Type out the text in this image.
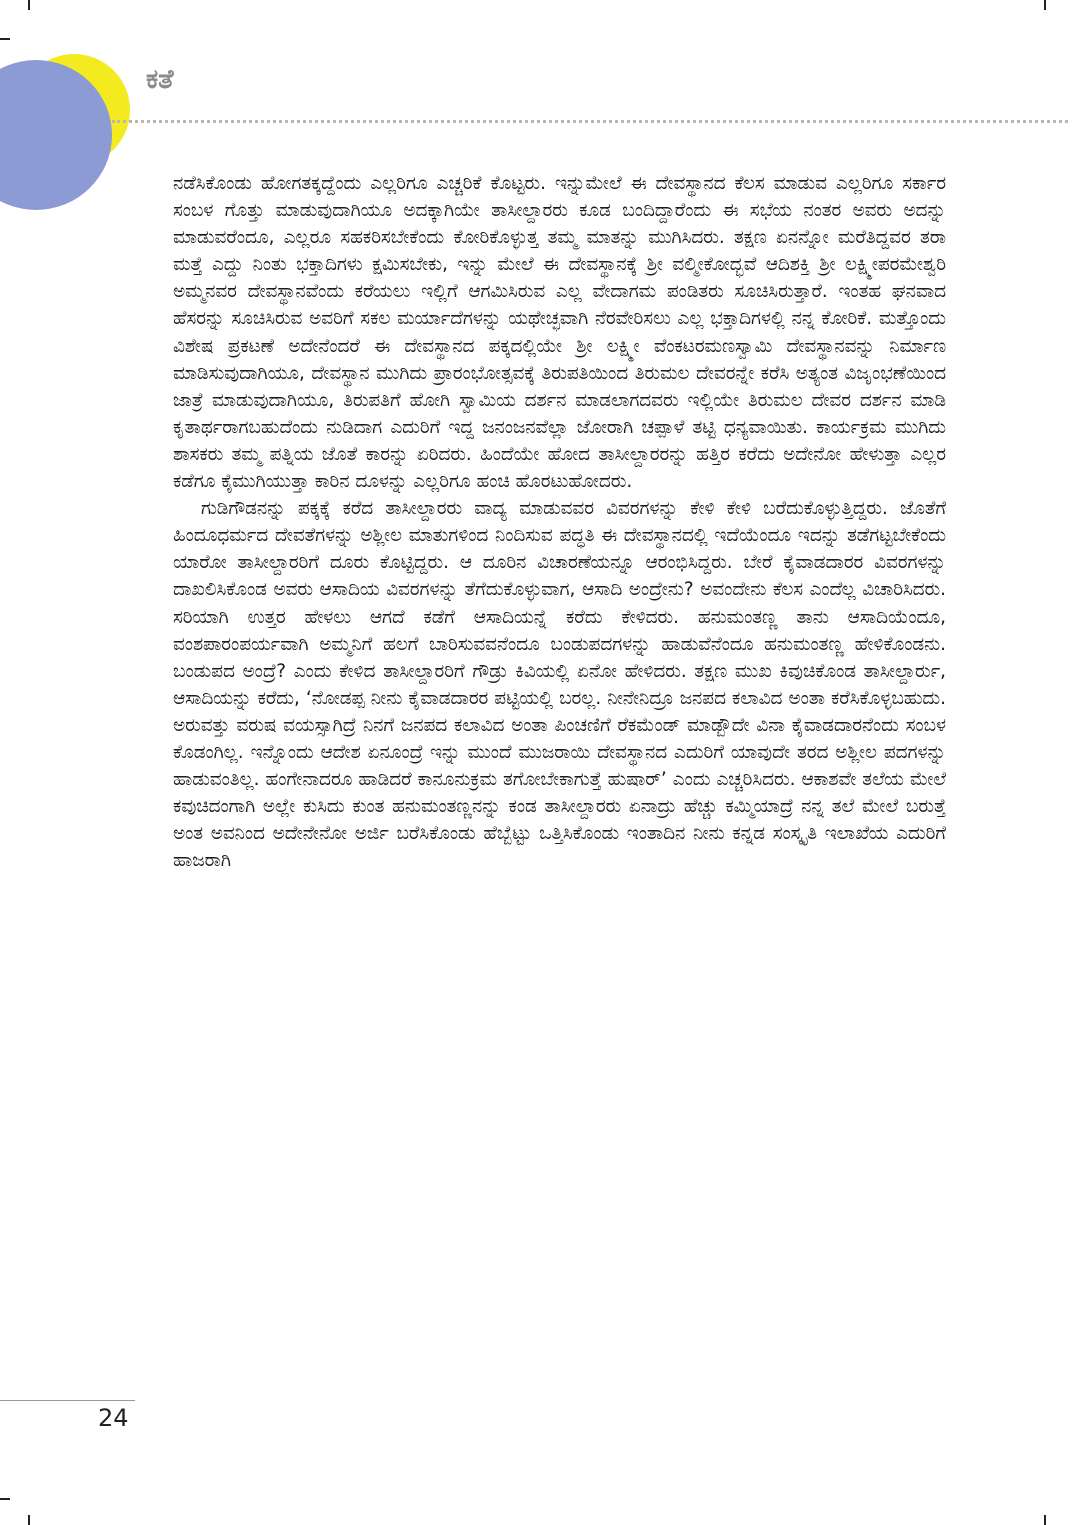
ಕತೆ

ನಡೆಸಿಕೊಂಡು ಹೋಗತಕ್ಕದ್ದೆಂದು ಎಲ್ಲರಿಗೂ ಎಚ್ಚರಿಕೆ ಕೊಟ್ಟರು. ಇನ್ನುಮೇಲೆ ಈ ದೇವಸ್ಥಾನದ ಕೆಲಸ ಮಾಡುವ ಎಲ್ಲರಿಗೂ ಸರ್ಕಾರ ಸಂಬಳ ಗೊತ್ತು ಮಾಡುವುದಾಗಿಯೂ ಅದಕ್ಕಾಗಿಯೇ ತಾಸೀಲ್ದಾರರು ಕೂಡ ಬಂದಿದ್ದಾರೆಂದು ಈ ಸಭೆಯ ನಂತರ ಅವರು ಅದನ್ನು ಮಾಡುವರೆಂದೂ, ಎಲ್ಲರೂ ಸಹಕರಿಸಬೇಕೆಂದು ಕೋರಿಕೊಳ್ಳುತ್ತ ತಮ್ಮ ಮಾತನ್ನು ಮುಗಿಸಿದರು. ತಕ್ಷಣ ಏನನ್ನೋ ಮರೆತಿದ್ದವರ ತರಾ ಮತ್ತೆ ಎದ್ದು ನಿಂತು ಭಕ್ತಾದಿಗಳು ಕ್ಷಮಿಸಬೇಕು, ಇನ್ನು ಮೇಲೆ ಈ ದೇವಸ್ಥಾನಕ್ಕೆ ಶ್ರೀ ವಲ್ಮೀಕೋದ್ಭವೆ ಆದಿಶಕ್ತಿ ಶ್ರೀ ಲಕ್ಷ್ಮೀಪರಮೇಶ್ವರಿ ಅಮ್ಮನವರ ದೇವಸ್ಥಾನವೆಂದು ಕರೆಯಲು ಇಲ್ಲಿಗೆ ಆಗಮಿಸಿರುವ ಎಲ್ಲ ವೇದಾಗಮ ಪಂಡಿತರು ಸೂಚಿಸಿರುತ್ತಾರೆ. ಇಂತಹ ಘನವಾದ ಹೆಸರನ್ನು ಸೂಚಿಸಿರುವ ಅವರಿಗೆ ಸಕಲ ಮರ್ಯಾದೆಗಳನ್ನು ಯಥೇಚ್ಛವಾಗಿ ನೆರವೇರಿಸಲು ಎಲ್ಲ ಭಕ್ತಾದಿಗಳಲ್ಲಿ ನನ್ನ ಕೋರಿಕೆ. ಮತ್ತೊಂದು ವಿಶೇಷ ಪ್ರಕಟಣೆ ಅದೇನೆಂದರೆ ಈ ದೇವಸ್ಥಾನದ ಪಕ್ಕದಲ್ಲಿಯೇ ಶ್ರೀ ಲಕ್ಷ್ಮೀ ವೆಂಕಟರಮಣಸ್ವಾಮಿ ದೇವಸ್ಥಾನವನ್ನು ನಿರ್ಮಾಣ ಮಾಡಿಸುವುದಾಗಿಯೂ, ದೇವಸ್ಥಾನ ಮುಗಿದು ಪ್ರಾರಂಭೋತ್ಸವಕ್ಕೆ ತಿರುಪತಿಯಿಂದ ತಿರುಮಲ ದೇವರನ್ನೇ ಕರೆಸಿ ಅತ್ಯಂತ ವಿಜೃಂಭಣೆಯಿಂದ ಜಾತ್ರೆ ಮಾಡುವುದಾಗಿಯೂ, ತಿರುಪತಿಗೆ ಹೋಗಿ ಸ್ವಾಮಿಯ ದರ್ಶನ ಮಾಡಲಾಗದವರು ಇಲ್ಲಿಯೇ ತಿರುಮಲ ದೇವರ ದರ್ಶನ ಮಾಡಿ ಕೃತಾರ್ಥರಾಗಬಹುದೆಂದು ನುಡಿದಾಗ ಎದುರಿಗೆ ಇದ್ದ ಜನಂಜನವೆಲ್ಲಾ ಜೋರಾಗಿ ಚಪ್ಪಾಳೆ ತಟ್ಟಿ ಧನ್ಯವಾಯಿತು. ಕಾರ್ಯಕ್ರಮ ಮುಗಿದು ಶಾಸಕರು ತಮ್ಮ ಪತ್ನಿಯ ಜೊತೆ ಕಾರನ್ನು ಏರಿದರು. ಹಿಂದೆಯೇ ಹೋದ ತಾಸೀಲ್ದಾರರನ್ನು ಹತ್ತಿರ ಕರೆದು ಅದೇನೋ ಹೇಳುತ್ತಾ ಎಲ್ಲರ ಕಡೆಗೂ ಕೈಮುಗಿಯುತ್ತಾ ಕಾರಿನ ದೂಳನ್ನು ಎಲ್ಲರಿಗೂ ಹಂಚಿ ಹೊರಟುಹೋದರು.

ಗುಡಿಗೌಡನನ್ನು ಪಕ್ಕಕ್ಕೆ ಕರೆದ ತಾಸೀಲ್ದಾರರು ವಾದ್ಯ ಮಾಡುವವರ ವಿವರಗಳನ್ನು ಕೇಳಿ ಕೇಳಿ ಬರೆದುಕೊಳ್ಳುತ್ತಿದ್ದರು. ಜೊತೆಗೆ ಹಿಂದೂಧರ್ಮದ ದೇವತೆಗಳನ್ನು ಅಶ್ಲೀಲ ಮಾತುಗಳಿಂದ ನಿಂದಿಸುವ ಪದ್ಧತಿ ಈ ದೇವಸ್ಥಾನದಲ್ಲಿ ಇದೆಯೆಂದೂ ಇದನ್ನು ತಡೆಗಟ್ಟಬೇಕೆಂದು ಯಾರೋ ತಾಸೀಲ್ದಾರರಿಗೆ ದೂರು ಕೊಟ್ಟಿದ್ದರು. ಆ ದೂರಿನ ವಿಚಾರಣೆಯನ್ನೂ ಆರಂಭಿಸಿದ್ದರು. ಬೇರೆ ಕೈವಾಡದಾರರ ವಿವರಗಳನ್ನು ದಾಖಲಿಸಿಕೊಂಡ ಅವರು ಆಸಾದಿಯ ವಿವರಗಳನ್ನು ತೆಗೆದುಕೊಳ್ಳುವಾಗ, ಆಸಾದಿ ಅಂದ್ರೇನು? ಅವಂದೇನು ಕೆಲಸ ಎಂದೆಲ್ಲ ವಿಚಾರಿಸಿದರು. ಸರಿಯಾಗಿ ಉತ್ತರ ಹೇಳಲು ಆಗದೆ ಕಡೆಗೆ ಆಸಾದಿಯನ್ನೆ ಕರೆದು ಕೇಳಿದರು. ಹನುಮಂತಣ್ಣ ತಾನು ಆಸಾದಿಯೆಂದೂ, ವಂಶಪಾರಂಪರ್ಯವಾಗಿ ಅಮ್ಮನಿಗೆ ಹಲಗೆ ಬಾರಿಸುವವನೆಂದೂ ಬಂಡುಪದಗಳನ್ನು ಹಾಡುವೆನೆಂದೂ ಹನುಮಂತಣ್ಣ ಹೇಳಿಕೊಂಡನು. ಬಂಡುಪದ ಅಂದ್ರೆ? ಎಂದು ಕೇಳಿದ ತಾಸೀಲ್ದಾರರಿಗೆ ಗೌಡ್ರು ಕಿವಿಯಲ್ಲಿ ಏನೋ ಹೇಳಿದರು. ತಕ್ಷಣ ಮುಖ ಕಿವುಚಿಕೊಂಡ ತಾಸೀಲ್ದಾರ್ರು, ಆಸಾದಿಯನ್ನು ಕರೆದು, ‘ನೋಡಪ್ಪ ನೀನು ಕೈವಾಡದಾರರ ಪಟ್ಟಿಯಲ್ಲಿ ಬರಲ್ಲ. ನೀನೇನಿದ್ರೂ ಜನಪದ ಕಲಾವಿದ ಅಂತಾ ಕರೆಸಿಕೊಳ್ಳಬಹುದು. ಅರುವತ್ತು ವರುಷ ವಯಸ್ಸಾಗಿದ್ರೆ ನಿನಗೆ ಜನಪದ ಕಲಾವಿದ ಅಂತಾ ಪಿಂಚಣಿಗೆ ರೆಕಮೆಂಡ್ ಮಾಡ್ಬೌದೇ ವಿನಾ ಕೈವಾಡದಾರನೆಂದು ಸಂಬಳ ಕೊಡಂಗಿಲ್ಲ. ಇನ್ನೊಂದು ಆದೇಶ ಏನೂಂದ್ರೆ ಇನ್ನು ಮುಂದೆ ಮುಜರಾಯಿ ದೇವಸ್ಥಾನದ ಎದುರಿಗೆ ಯಾವುದೇ ತರದ ಅಶ್ಲೀಲ ಪದಗಳನ್ನು ಹಾಡುವಂತಿಲ್ಲ. ಹಂಗೇನಾದರೂ ಹಾಡಿದರೆ ಕಾನೂನುಕ್ರಮ ತಗೋಬೇಕಾಗುತ್ತೆ ಹುಷಾರ್’ ಎಂದು ಎಚ್ಚರಿಸಿದರು. ಆಕಾಶವೇ ತಲೆಯ ಮೇಲೆ ಕವುಚಿದಂಗಾಗಿ ಅಲ್ಲೇ ಕುಸಿದು ಕುಂತ ಹನುಮಂತಣ್ಣನನ್ನು ಕಂಡ ತಾಸೀಲ್ದಾರರು ಏನಾದ್ರು ಹೆಚ್ಚು ಕಮ್ಮಿಯಾದ್ರೆ ನನ್ನ ತಲೆ ಮೇಲೆ ಬರುತ್ತೆ ಅಂತ ಅವನಿಂದ ಅದೇನೇನೋ ಅರ್ಜಿ ಬರೆಸಿಕೊಂಡು ಹೆಬ್ಬೆಟ್ಟು ಒತ್ತಿಸಿಕೊಂಡು ಇಂತಾದಿನ ನೀನು ಕನ್ನಡ ಸಂಸ್ಕೃತಿ ಇಲಾಖೆಯ ಎದುರಿಗೆ ಹಾಜರಾಗಿ

24
